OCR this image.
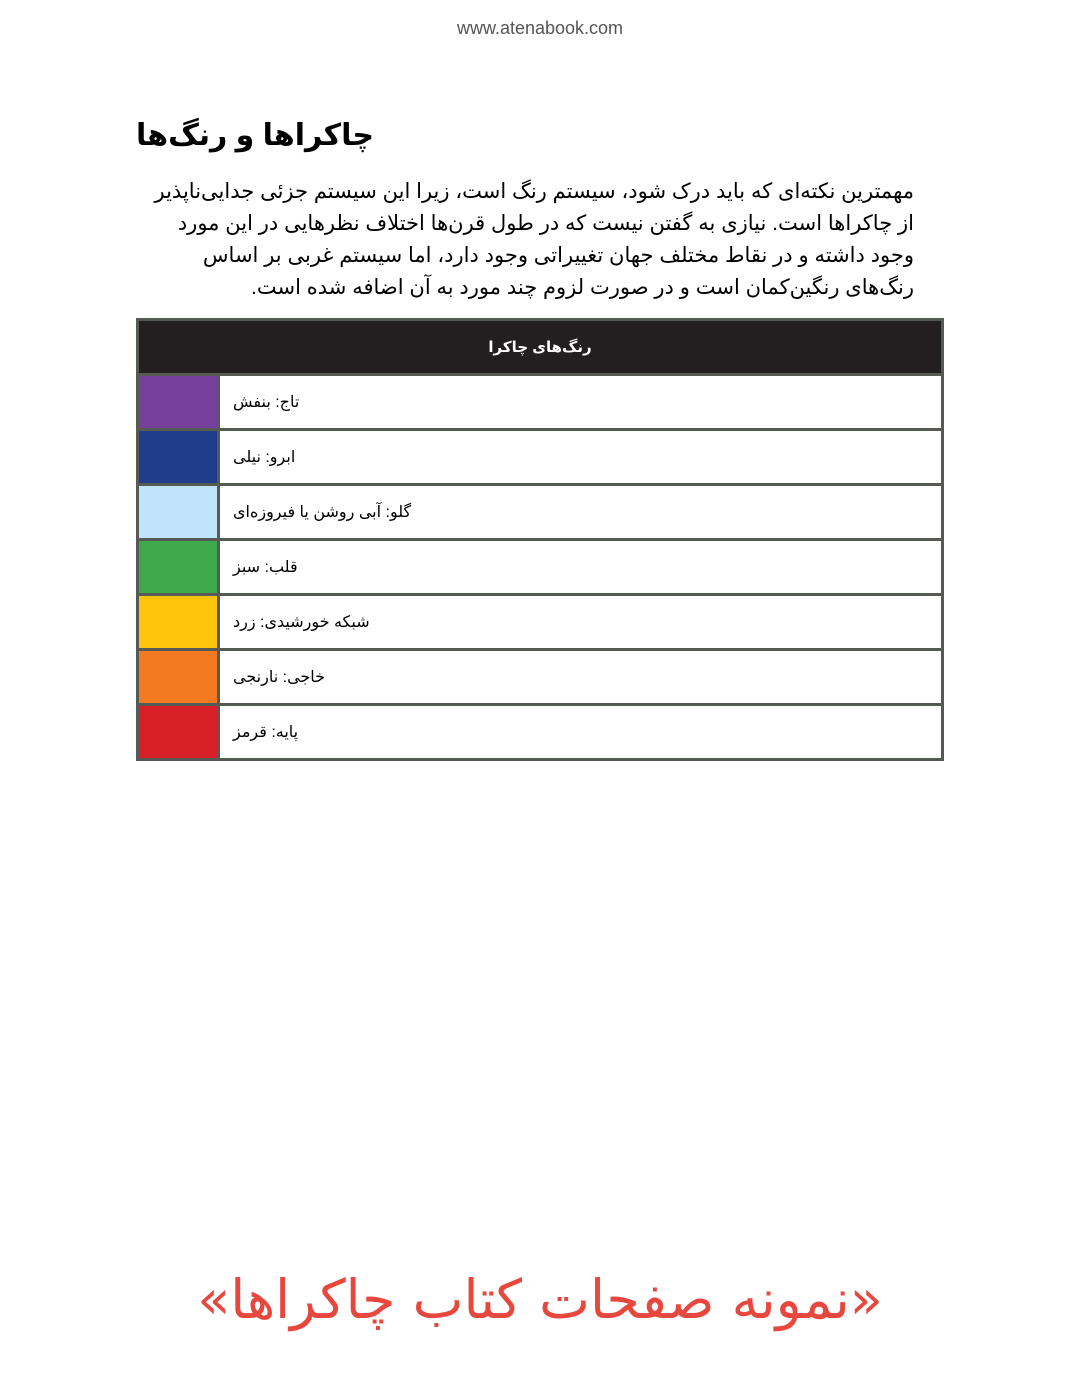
www.atenabook.com
چاکراها و رنگ‌ها

مهمترین نکته‌ای که باید درک شود، سیستم رنگ است، زیرا این سیستم جزئی جدایی‌ناپذیر از چاکراها است. نیازی به گفتن نیست که در طول قرن‌ها اختلاف نظرهایی در این مورد وجود داشته و در نقاط مختلف جهان تغییراتی وجود دارد، اما سیستم غربی بر اساس رنگ‌های رنگین‌کمان است و در صورت لزوم چند مورد به آن اضافه شده است.

رنگ‌های چاکرا	
	تاج: بنفش
	ابرو: نیلی
	گلو: آبی روشن یا فیروزه‌ای
	قلب: سبز
	شبکه خورشیدی: زرد
	خاجی: نارنجی
	پایه: قرمز
«نمونه صفحات کتاب چاکراها»
